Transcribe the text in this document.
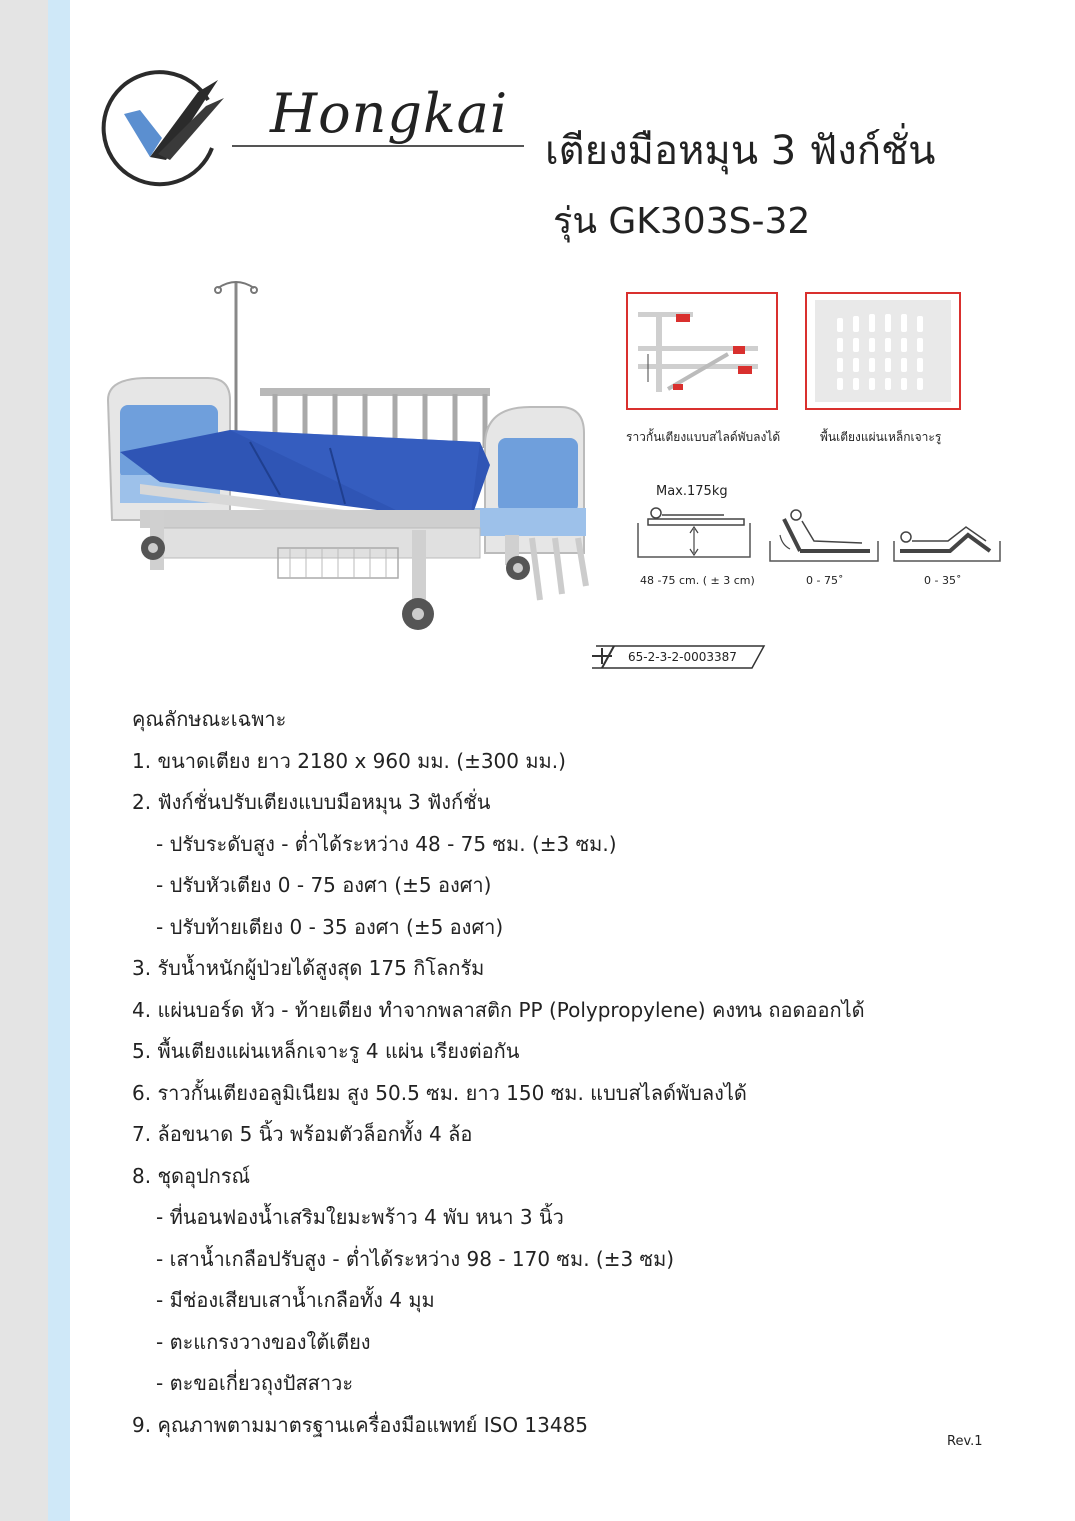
Hongkai
เตียงมือหมุน 3 ฟังก์ชั่น
รุ่น GK303S-32
ราวกั้นเตียงแบบสไลด์พับลงได้	พื้นเตียงแผ่นเหล็กเจาะรู
Max.175kg
48 -75 cm. ( ± 3 cm)	0 - 75˚	0 - 35˚
65-2-3-2-0003387
คุณลักษณะเฉพาะ
1. ขนาดเตียง ยาว 2180 x 960 มม. (±300 มม.)
2. ฟังก์ชั่นปรับเตียงแบบมือหมุน 3 ฟังก์ชั่น
- ปรับระดับสูง - ต่ำได้ระหว่าง 48 - 75 ซม. (±3 ซม.)
- ปรับหัวเตียง 0 - 75 องศา (±5 องศา)
- ปรับท้ายเตียง 0 - 35 องศา (±5 องศา)
3. รับน้ำหนักผู้ป่วยได้สูงสุด 175 กิโลกรัม
4. แผ่นบอร์ด หัว - ท้ายเตียง ทำจากพลาสติก PP (Polypropylene) คงทน ถอดออกได้
5. พื้นเตียงแผ่นเหล็กเจาะรู 4 แผ่น เรียงต่อกัน
6. ราวกั้นเตียงอลูมิเนียม สูง 50.5 ซม. ยาว 150 ซม. แบบสไลด์พับลงได้
7. ล้อขนาด 5 นิ้ว พร้อมตัวล็อกทั้ง 4 ล้อ
8. ชุดอุปกรณ์
- ที่นอนฟองน้ำเสริมใยมะพร้าว 4 พับ หนา 3 นิ้ว
- เสาน้ำเกลือปรับสูง - ต่ำได้ระหว่าง 98 - 170 ซม. (±3 ซม)
- มีช่องเสียบเสาน้ำเกลือทั้ง 4 มุม
- ตะแกรงวางของใต้เตียง
- ตะขอเกี่ยวถุงปัสสาวะ
9. คุณภาพตามมาตรฐานเครื่องมือแพทย์ ISO 13485
Rev.1
